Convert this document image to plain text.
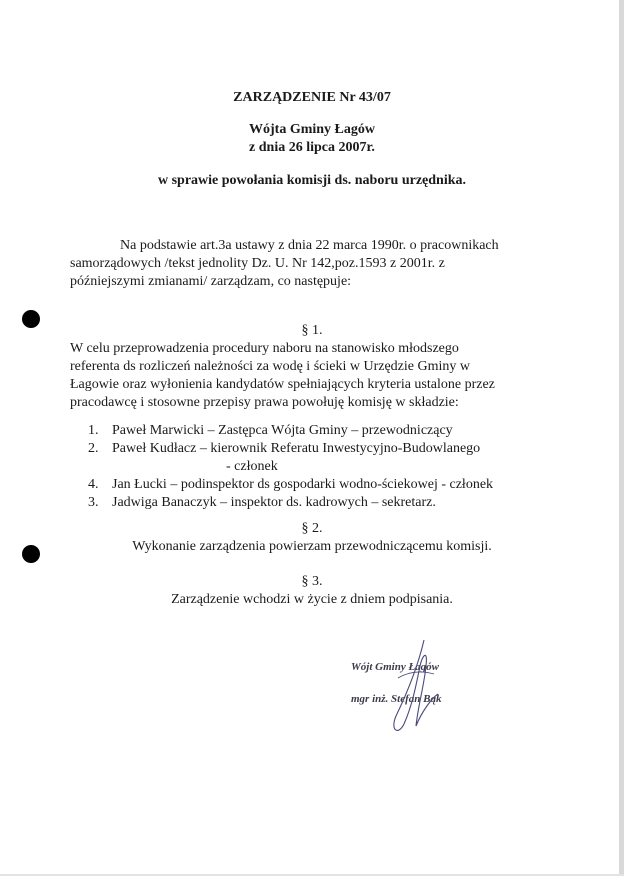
ZARZĄDZENIE Nr 43/07
Wójta Gminy Łagów
z dnia 26 lipca 2007r.
w sprawie powołania komisji ds. naboru urzędnika.
Na podstawie art.3a ustawy z dnia 22 marca 1990r. o pracownikach
samorządowych /tekst jednolity Dz. U. Nr 142,poz.1593 z 2001r. z
późniejszymi zmianami/ zarządzam, co następuje:
§ 1.
W celu przeprowadzenia procedury naboru na stanowisko młodszego
referenta ds rozliczeń należności za wodę i ścieki w Urzędzie Gminy w
Łagowie oraz wyłonienia kandydatów spełniających kryteria ustalone przez
pracodawcę i stosowne przepisy prawa powołuję komisję w składzie:
1. Paweł Marwicki – Zastępca Wójta Gminy – przewodniczący
2. Paweł Kudłacz – kierownik Referatu Inwestycyjno-Budowlanego
- członek
4. Jan Łucki – podinspektor ds gospodarki wodno-ściekowej - członek
3. Jadwiga Banaczyk – inspektor ds. kadrowych – sekretarz.
§ 2.
Wykonanie zarządzenia powierzam przewodniczącemu komisji.
§ 3.
Zarządzenie wchodzi w życie z dniem podpisania.
Wójt Gminy Łagów
mgr inż. Stefan Bąk
